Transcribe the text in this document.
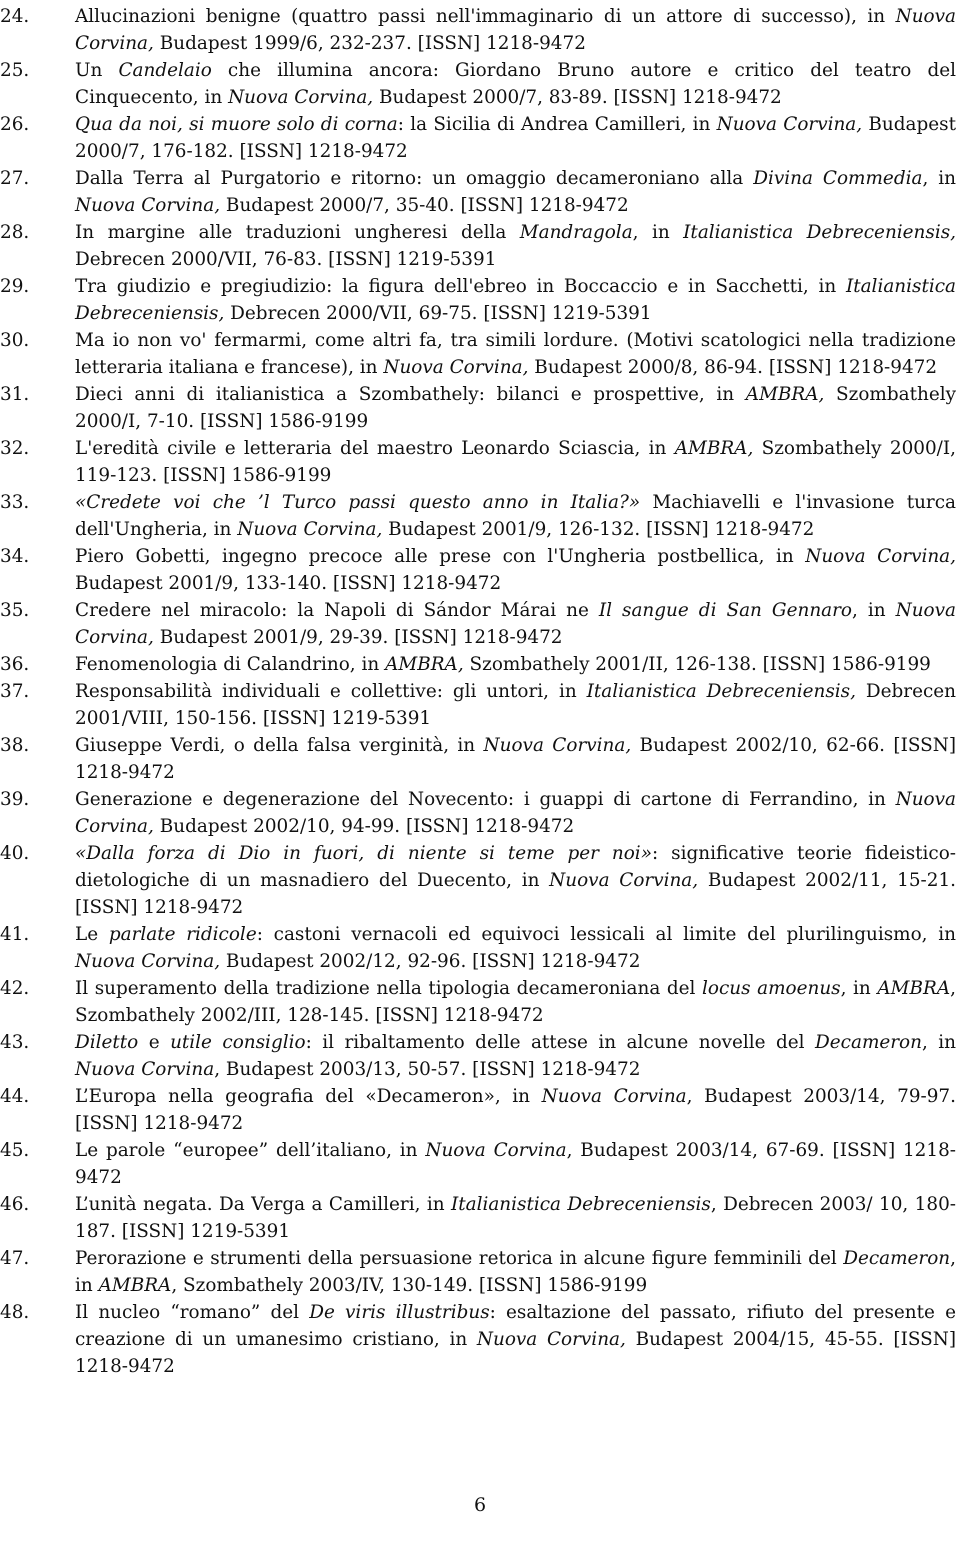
24. Allucinazioni benigne (quattro passi nell'immaginario di un attore di successo), in Nuova Corvina, Budapest 1999/6, 232-237. [ISSN] 1218-9472
25. Un Candelaio che illumina ancora: Giordano Bruno autore e critico del teatro del Cinquecento, in Nuova Corvina, Budapest 2000/7, 83-89. [ISSN] 1218-9472
26. Qua da noi, si muore solo di corna: la Sicilia di Andrea Camilleri, in Nuova Corvina, Budapest 2000/7, 176-182. [ISSN] 1218-9472
27. Dalla Terra al Purgatorio e ritorno: un omaggio decameroniano alla Divina Commedia, in Nuova Corvina, Budapest 2000/7, 35-40. [ISSN] 1218-9472
28. In margine alle traduzioni ungheresi della Mandragola, in Italianistica Debreceniensis, Debrecen 2000/VII, 76-83. [ISSN] 1219-5391
29. Tra giudizio e pregiudizio: la figura dell'ebreo in Boccaccio e in Sacchetti, in Italianistica Debreceniensis, Debrecen 2000/VII, 69-75. [ISSN] 1219-5391
30. Ma io non vo' fermarmi, come altri fa, tra simili lordure. (Motivi scatologici nella tradizione letteraria italiana e francese), in Nuova Corvina, Budapest 2000/8, 86-94. [ISSN] 1218-9472
31. Dieci anni di italianistica a Szombathely: bilanci e prospettive, in AMBRA, Szombathely 2000/I, 7-10. [ISSN] 1586-9199
32. L'eredità civile e letteraria del maestro Leonardo Sciascia, in AMBRA, Szombathely 2000/I, 119-123. [ISSN] 1586-9199
33. «Credete voi che ’l Turco passi questo anno in Italia?» Machiavelli e l'invasione turca dell'Ungheria, in Nuova Corvina, Budapest 2001/9, 126-132. [ISSN] 1218-9472
34. Piero Gobetti, ingegno precoce alle prese con l'Ungheria postbellica, in Nuova Corvina, Budapest 2001/9, 133-140. [ISSN] 1218-9472
35. Credere nel miracolo: la Napoli di Sándor Márai ne Il sangue di San Gennaro, in Nuova Corvina, Budapest 2001/9, 29-39. [ISSN] 1218-9472
36. Fenomenologia di Calandrino, in AMBRA, Szombathely 2001/II, 126-138. [ISSN] 1586-9199
37. Responsabilità individuali e collettive: gli untori, in Italianistica Debreceniensis, Debrecen 2001/VIII, 150-156. [ISSN] 1219-5391
38. Giuseppe Verdi, o della falsa verginità, in Nuova Corvina, Budapest 2002/10, 62-66. [ISSN] 1218-9472
39. Generazione e degenerazione del Novecento: i guappi di cartone di Ferrandino, in Nuova Corvina, Budapest 2002/10, 94-99. [ISSN] 1218-9472
40. «Dalla forza di Dio in fuori, di niente si teme per noi»: significative teorie fideistico-dietologiche di un masnadiero del Duecento, in Nuova Corvina, Budapest 2002/11, 15-21. [ISSN] 1218-9472
41. Le parlate ridicole: castoni vernacoli ed equivoci lessicali al limite del plurilinguismo, in Nuova Corvina, Budapest 2002/12, 92-96. [ISSN] 1218-9472
42. Il superamento della tradizione nella tipologia decameroniana del locus amoenus, in AMBRA, Szombathely 2002/III, 128-145. [ISSN] 1218-9472
43. Diletto e utile consiglio: il ribaltamento delle attese in alcune novelle del Decameron, in Nuova Corvina, Budapest 2003/13, 50-57. [ISSN] 1218-9472
44. L’Europa nella geografia del «Decameron», in Nuova Corvina, Budapest 2003/14, 79-97. [ISSN] 1218-9472
45. Le parole “europee” dell’italiano, in Nuova Corvina, Budapest 2003/14, 67-69. [ISSN] 1218-9472
46. L’unità negata. Da Verga a Camilleri, in Italianistica Debreceniensis, Debrecen 2003/ 10, 180-187. [ISSN] 1219-5391
47. Perorazione e strumenti della persuasione retorica in alcune figure femminili del Decameron, in AMBRA, Szombathely 2003/IV, 130-149. [ISSN] 1586-9199
48. Il nucleo “romano” del De viris illustribus: esaltazione del passato, rifiuto del presente e creazione di un umanesimo cristiano, in Nuova Corvina, Budapest 2004/15, 45-55. [ISSN] 1218-9472
6
